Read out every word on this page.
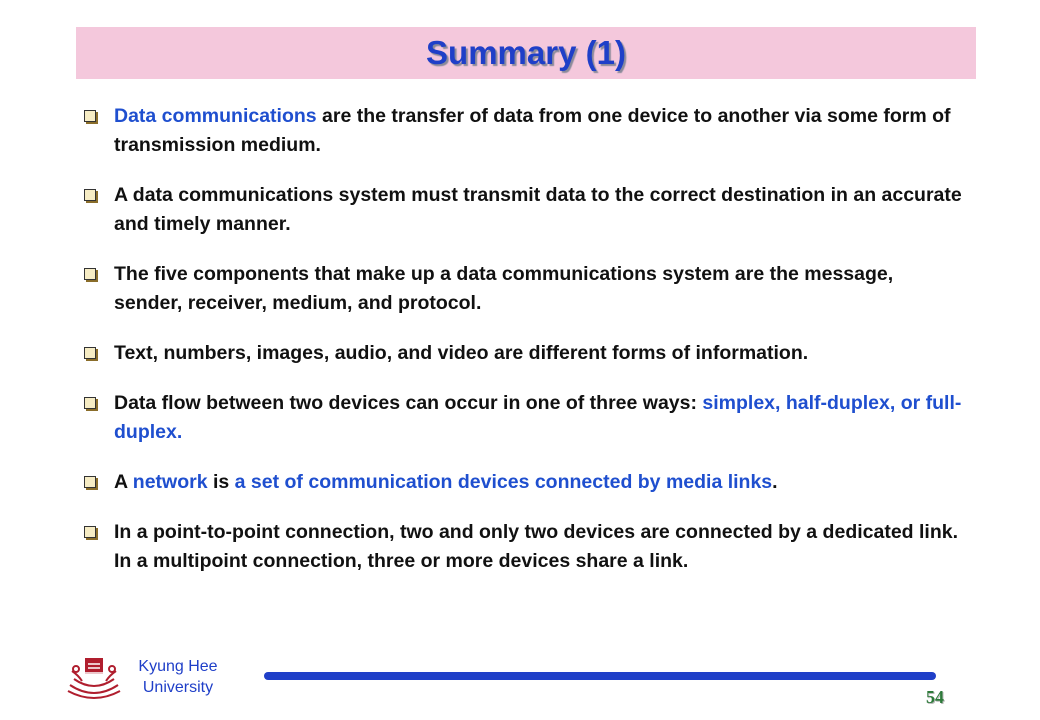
Summary (1)
Data communications are the transfer of data from one device to another via some form of transmission medium.
A data communications system must transmit data to the correct destination in an accurate and timely manner.
The five components that make up a data communications system are the message, sender, receiver, medium, and protocol.
Text, numbers, images, audio, and video are different forms of information.
Data flow between two devices can occur in one of three ways: simplex, half-duplex, or full-duplex.
A network is a set of communication devices connected by media links.
In a point-to-point connection, two and only two devices are connected by a dedicated link. In a multipoint connection, three or more devices share a link.
Kyung Hee
University	54
